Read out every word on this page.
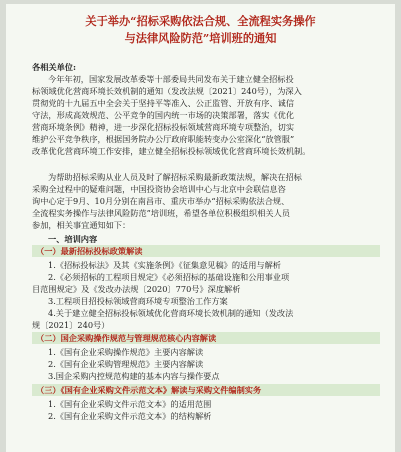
关于举办“招标采购依法合规、全流程实务操作
与法律风险防范”培训班的通知
各相关单位:
今年年初，国家发展改革委等十部委局共同发布关于建立健全招标投
标领域优化营商环境长效机制的通知（发改法规〔2021〕240号），为深入
贯彻党的十九届五中全会关于坚持平等准入、公正监管、开放有序、诚信
守法，形成高效规范、公平竞争的国内统一市场的决策部署，落实《优化
营商环境条例》精神，进一步深化招标投标领域营商环境专项整治，切实
维护公平竞争秩序，根据国务院办公厅政府职能转变办公室深化“放管服”
改革优化营商环境工作安排，建立健全招标投标领域优化营商环境长效机制。
为帮助招标采购从业人员及时了解招标采购最新政策法规，解决在招标
采购全过程中的疑难问题，中国投资协会培训中心与北京中会联信息咨
询中心定于9月、10月分别在南昌市、重庆市举办“招标采购依法合规、
全流程实务操作与法律风险防范”培训班，希望各单位积极组织相关人员
参加，相关事宜通知如下：
一、培训内容
（一）最新招标投标政策解读
1.《招标投标法》及其《实施条例》《征集意见稿》的适用与解析
2.《必须招标的工程项目规定》《必须招标的基础设施和公用事业项
目范围规定》及《发改办法规〔2020〕770号》深度解析
3.工程项目招投标领域营商环境专项整治工作方案
4.关于建立健全招标投标领域优化营商环境长效机制的通知（发改法
规〔2021〕240号）
（二）国企采购操作规范与管理规范核心内容解读
1.《国有企业采购操作规范》主要内容解读
2.《国有企业采购管理规范》主要内容解读
3.国企采购内控规范构建的基本内容与操作要点
（三）《国有企业采购文件示范文本》解读与采购文件编制实务
1.《国有企业采购文件示范文本》的适用范围
2.《国有企业采购文件示范文本》的结构解析
